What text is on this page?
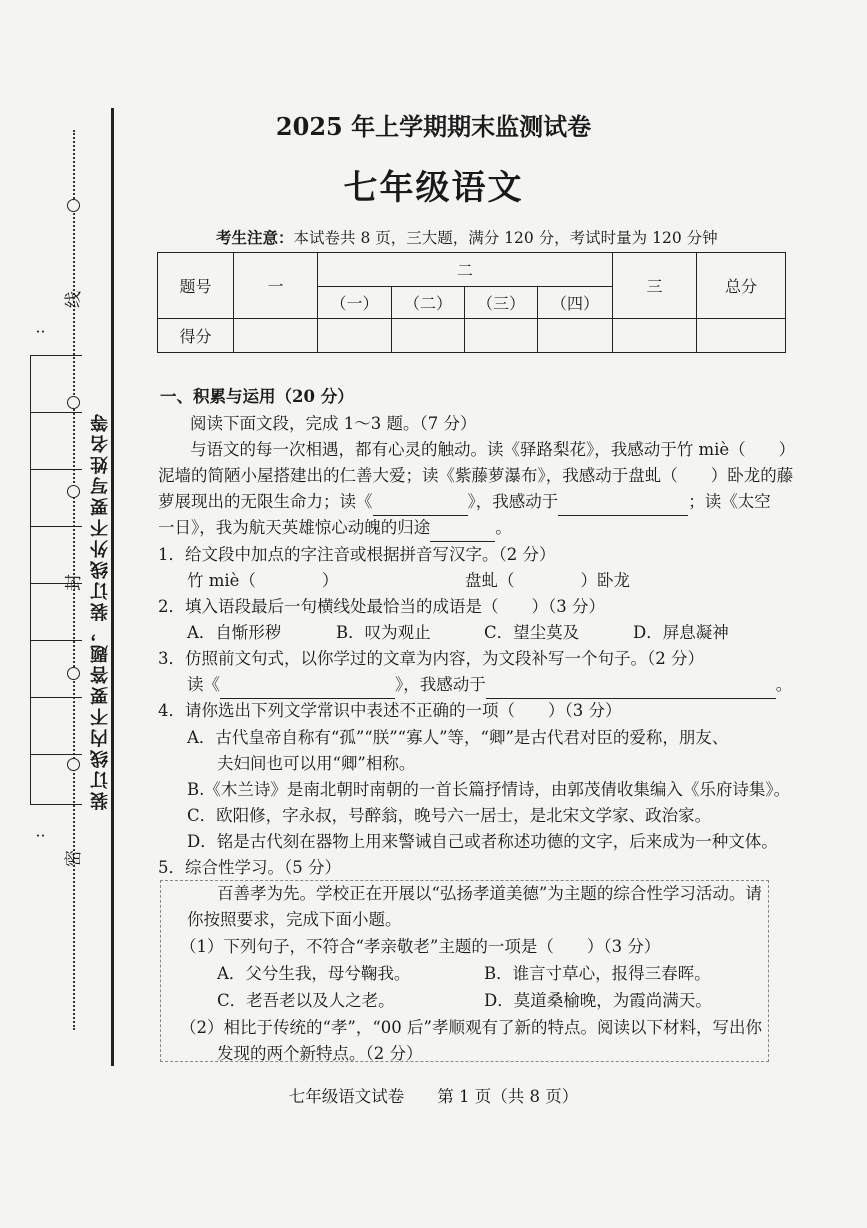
线
封
密
装订线内不要答题，装订线外不要写姓名等
:
:
2025 年上学期期末监测试卷
七年级语文
考生注意：本试卷共 8 页，三大题，满分 120 分，考试时量为 120 分钟
题号	一	二				三	总分
		（一）	（二）	（三）	（四）		
得分							
一、积累与运用（20 分）
阅读下面文段，完成 1～3 题。（7 分）
与语文的每一次相遇，都有心灵的触动。读《驿路梨花》，我感动于竹 miè（　　）
泥墙的简陋小屋搭建出的仁善大爱；读《紫藤萝瀑布》，我感动于盘虬（　　）卧龙的藤
萝展现出的无限生命力；读《	》，我感动于	；读《太空
一日》，我为航天英雄惊心动魄的归途	。
1．给文段中加点的字注音或根据拼音写汉字。（2 分）
竹 miè（　　　　）	盘虬（　　　　）卧龙
2．填入语段最后一句横线处最恰当的成语是（　　）（3 分）
A．自惭形秽	B．叹为观止	C．望尘莫及	D．屏息凝神
3．仿照前文句式，以你学过的文章为内容，为文段补写一个句子。（2 分）
读《	》，我感动于	。
4．请你选出下列文学常识中表述不正确的一项（　　）（3 分）
A．古代皇帝自称有“孤”“朕”“寡人”等，“卿”是古代君对臣的爱称，朋友、
夫妇间也可以用“卿”相称。
B.《木兰诗》是南北朝时南朝的一首长篇抒情诗，由郭茂倩收集编入《乐府诗集》。
C．欧阳修，字永叔，号醉翁，晚号六一居士，是北宋文学家、政治家。
D．铭是古代刻在器物上用来警诫自己或者称述功德的文字，后来成为一种文体。
5．综合性学习。（5 分）
百善孝为先。学校正在开展以“弘扬孝道美德”为主题的综合性学习活动。请
你按照要求，完成下面小题。
（1）下列句子，不符合“孝亲敬老”主题的一项是（　　）（3 分）
A．父兮生我，母兮鞠我。	B．谁言寸草心，报得三春晖。
C．老吾老以及人之老。	D．莫道桑榆晚，为霞尚满天。
（2）相比于传统的“孝”，“00 后”孝顺观有了新的特点。阅读以下材料，写出你
发现的两个新特点。（2 分）
七年级语文试卷　　第 1 页（共 8 页）
